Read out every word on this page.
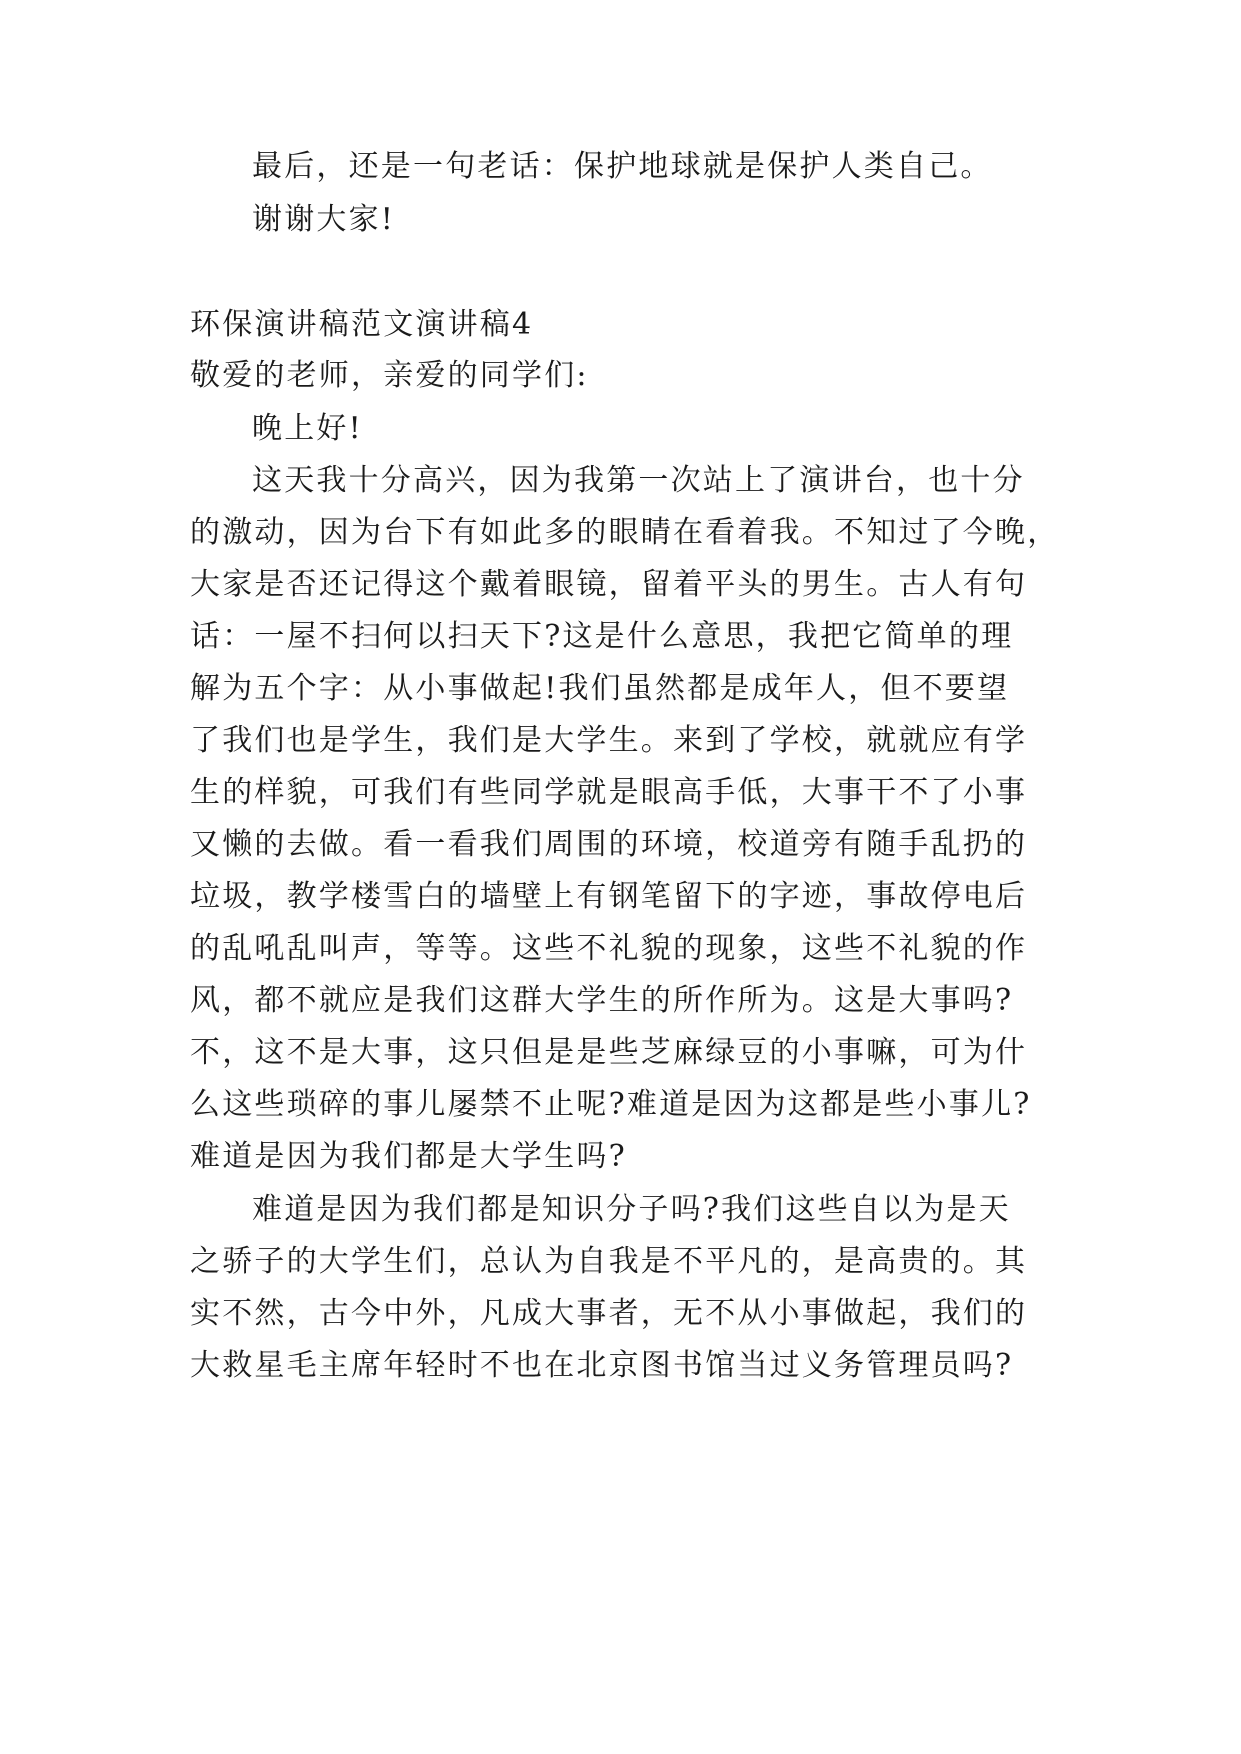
最后，还是一句老话：保护地球就是保护人类自己。
谢谢大家!
环保演讲稿范文演讲稿4
敬爱的老师，亲爱的同学们:
晚上好!
这天我十分高兴，因为我第一次站上了演讲台，也十分
的激动，因为台下有如此多的眼睛在看着我。不知过了今晚，
大家是否还记得这个戴着眼镜，留着平头的男生。古人有句
话：一屋不扫何以扫天下?这是什么意思，我把它简单的理
解为五个字：从小事做起!我们虽然都是成年人，但不要望
了我们也是学生，我们是大学生。来到了学校，就就应有学
生的样貌，可我们有些同学就是眼高手低，大事干不了小事
又懒的去做。看一看我们周围的环境，校道旁有随手乱扔的
垃圾，教学楼雪白的墙壁上有钢笔留下的字迹，事故停电后
的乱吼乱叫声，等等。这些不礼貌的现象，这些不礼貌的作
风，都不就应是我们这群大学生的所作所为。这是大事吗?
不，这不是大事，这只但是是些芝麻绿豆的小事嘛，可为什
么这些琐碎的事儿屡禁不止呢?难道是因为这都是些小事儿?
难道是因为我们都是大学生吗?
难道是因为我们都是知识分子吗?我们这些自以为是天
之骄子的大学生们，总认为自我是不平凡的，是高贵的。其
实不然，古今中外，凡成大事者，无不从小事做起，我们的
大救星毛主席年轻时不也在北京图书馆当过义务管理员吗?
